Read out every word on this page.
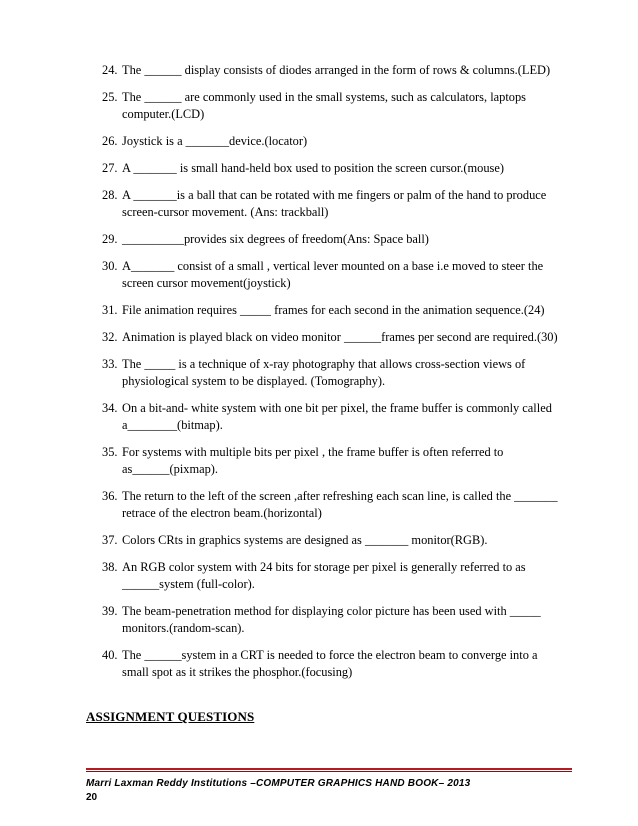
24. The ______ display consists of diodes arranged in the form of rows & columns.(LED)
25. The ______ are commonly used in the small systems, such as calculators, laptops
computer.(LCD)
26. Joystick is a _______device.(locator)
27. A _______ is small hand-held box used to position the screen cursor.(mouse)
28. A _______is a ball that can be rotated with me fingers or palm of the hand to produce
screen-cursor movement. (Ans: trackball)
29. __________provides six degrees of freedom(Ans: Space ball)
30. A_______ consist of a small , vertical lever mounted on a base i.e moved to steer the
screen cursor movement(joystick)
31. File animation requires _____ frames for each second in the animation sequence.(24)
32. Animation is played black on video monitor ______frames per second are required.(30)
33. The _____ is a technique of x-ray photography that allows cross-section views of
physiological system to be displayed. (Tomography).
34. On a bit-and- white system with one bit per pixel, the frame buffer is commonly called
a________(bitmap).
35. For systems with multiple bits per pixel , the frame buffer is often referred to
as______(pixmap).
36. The return to the left of the screen ,after refreshing each scan line, is called the _______
retrace of the electron beam.(horizontal)
37. Colors CRts in graphics systems are designed as _______ monitor(RGB).
38. An RGB color system with 24 bits for storage per pixel is generally referred to as
______system (full-color).
39. The beam-penetration method for displaying color picture has been used with _____
monitors.(random-scan).
40. The ______system in a CRT is needed to force the electron beam to converge into a
small spot as it strikes the phosphor.(focusing)
ASSIGNMENT QUESTIONS
Marri Laxman Reddy Institutions –COMPUTER GRAPHICS HAND BOOK– 2013
20
